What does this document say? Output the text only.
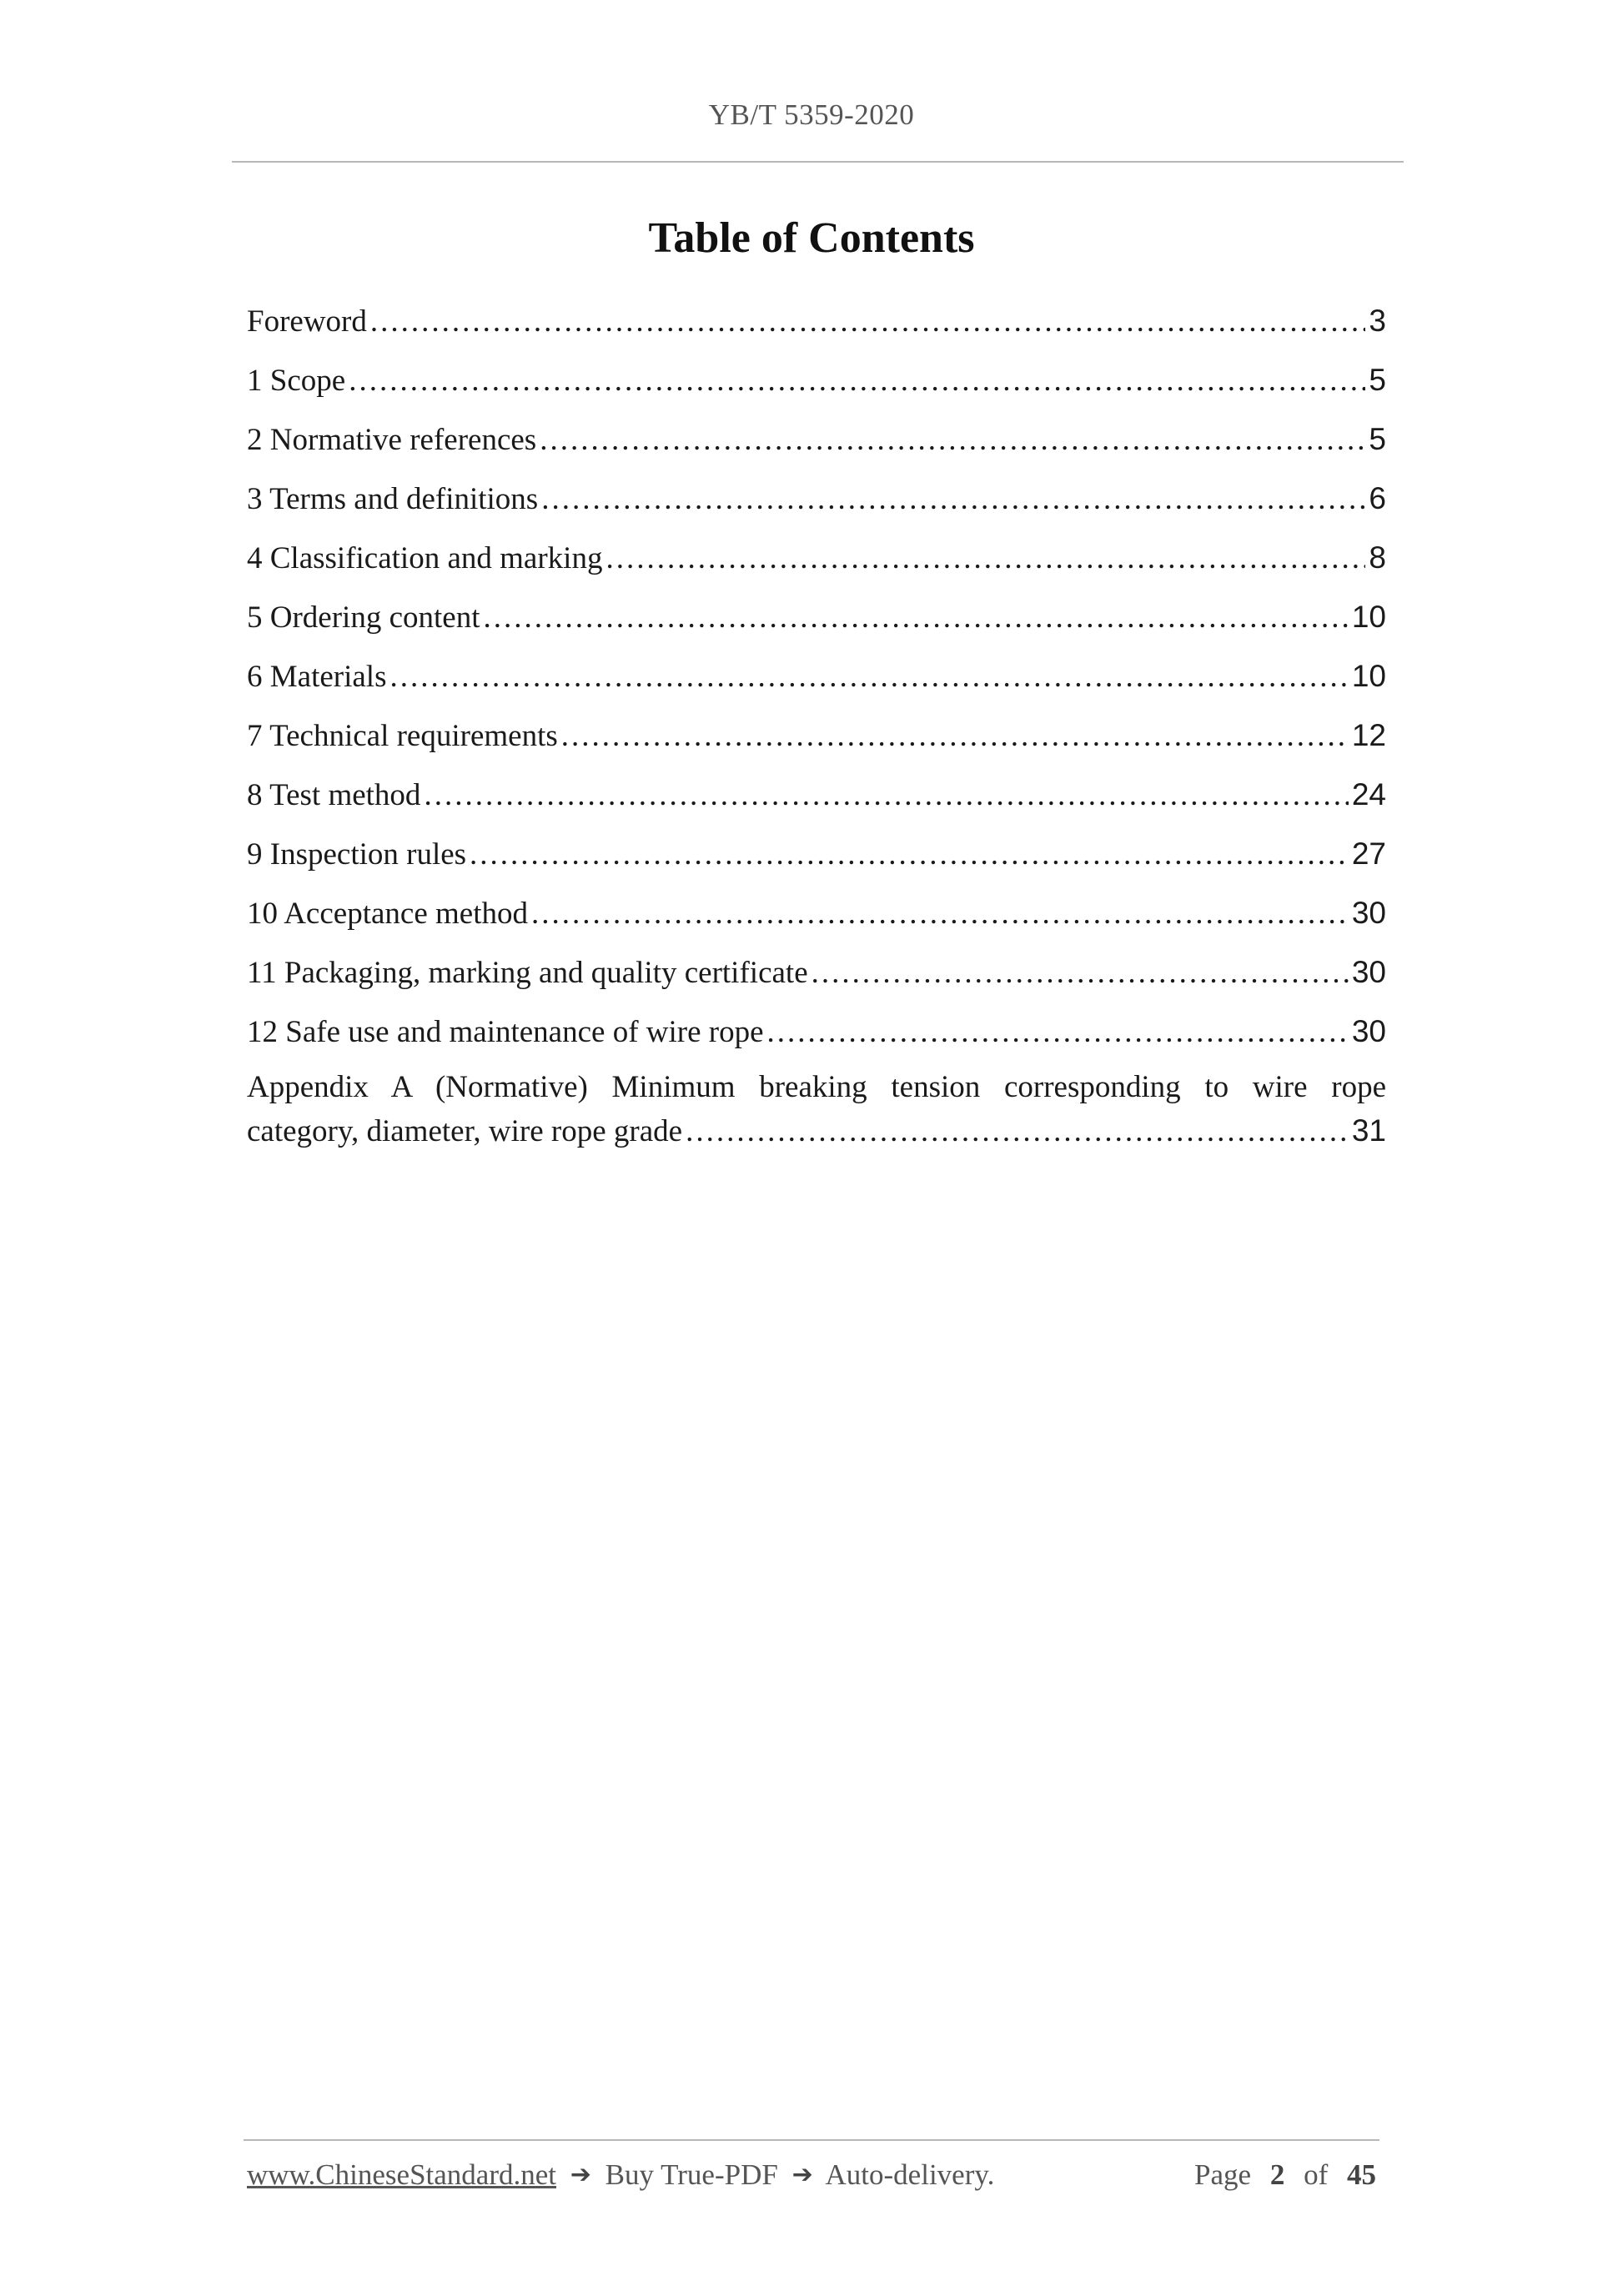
YB/T 5359-2020
Table of Contents
Foreword .....	3
1 Scope .....	5
2 Normative references .....	5
3 Terms and definitions .....	6
4 Classification and marking .....	8
5 Ordering content .....	10
6 Materials .....	10
7 Technical requirements .....	12
8 Test method .....	24
9 Inspection rules .....	27
10 Acceptance method .....	30
11 Packaging, marking and quality certificate .....	30
12 Safe use and maintenance of wire rope .....	30
Appendix A (Normative) Minimum breaking tension corresponding to wire rope
category, diameter, wire rope grade .....	31
www.ChineseStandard.net ➔ Buy True-PDF ➔ Auto-delivery.	Page 2 of 45
